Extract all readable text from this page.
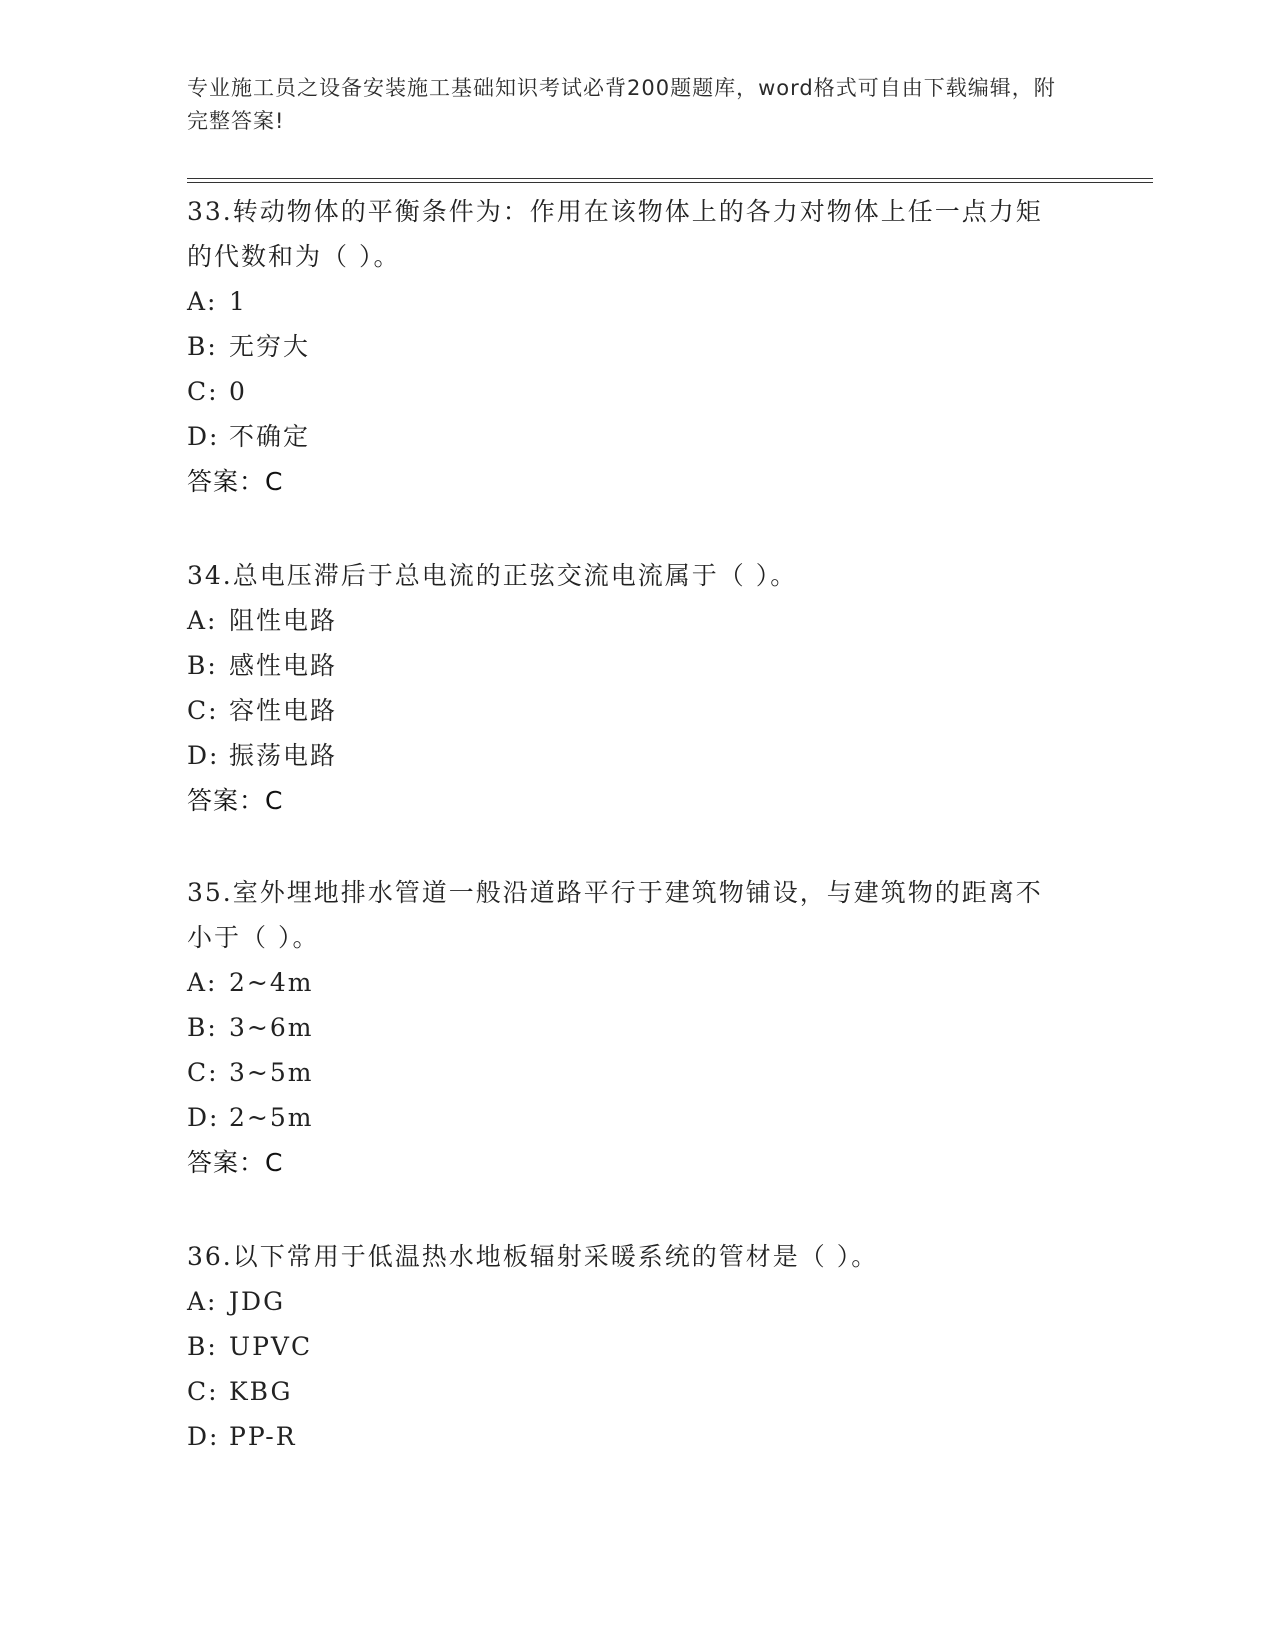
专业施工员之设备安装施工基础知识考试必背200题题库，word格式可自由下载编辑，附完整答案!
33.转动物体的平衡条件为：作用在该物体上的各力对物体上任一点力矩的代数和为（ ）。
A: 1
B: 无穷大
C: 0
D: 不确定
答案：C
34.总电压滞后于总电流的正弦交流电流属于（ ）。
A: 阻性电路
B: 感性电路
C: 容性电路
D: 振荡电路
答案：C
35.室外埋地排水管道一般沿道路平行于建筑物铺设，与建筑物的距离不小于（ ）。
A: 2~4m
B: 3~6m
C: 3~5m
D: 2~5m
答案：C
36.以下常用于低温热水地板辐射采暖系统的管材是（ ）。
A: JDG
B: UPVC
C: KBG
D: PP-R
